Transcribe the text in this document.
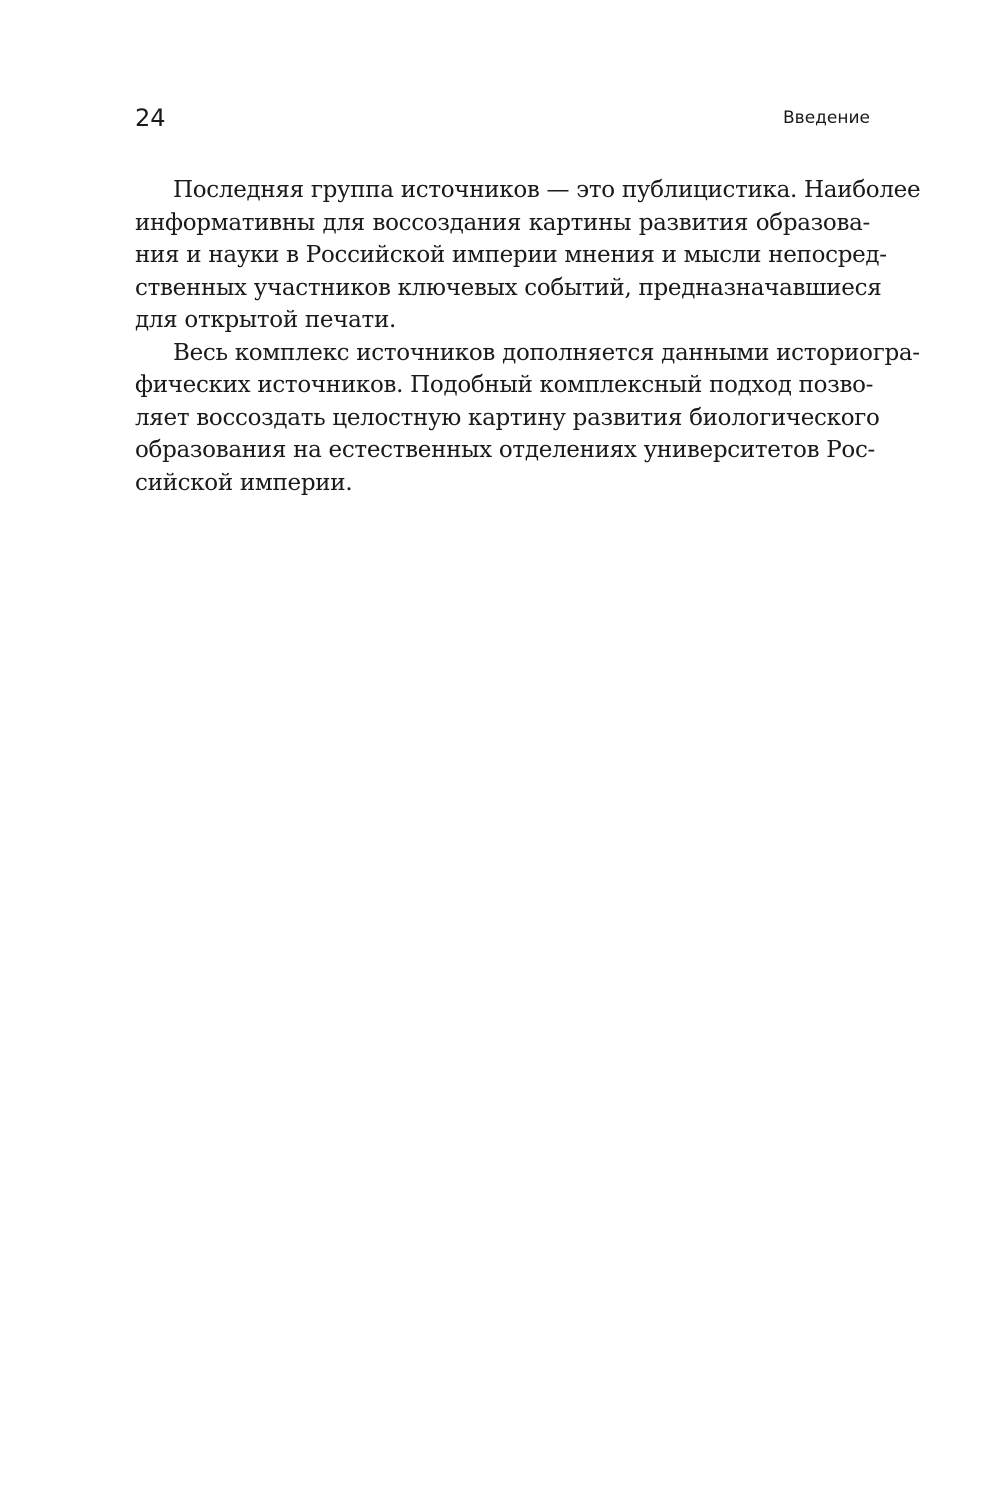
24	Введение
Последняя группа источников — это публицистика. Наиболее
информативны для воссоздания картины развития образова-
ния и науки в Российской империи мнения и мысли непосред-
ственных участников ключевых событий, предназначавшиеся
для открытой печати.
Весь комплекс источников дополняется данными историогра-
фических источников. Подобный комплексный подход позво-
ляет воссоздать целостную картину развития биологического
образования на естественных отделениях университетов Рос-
сийской империи.
